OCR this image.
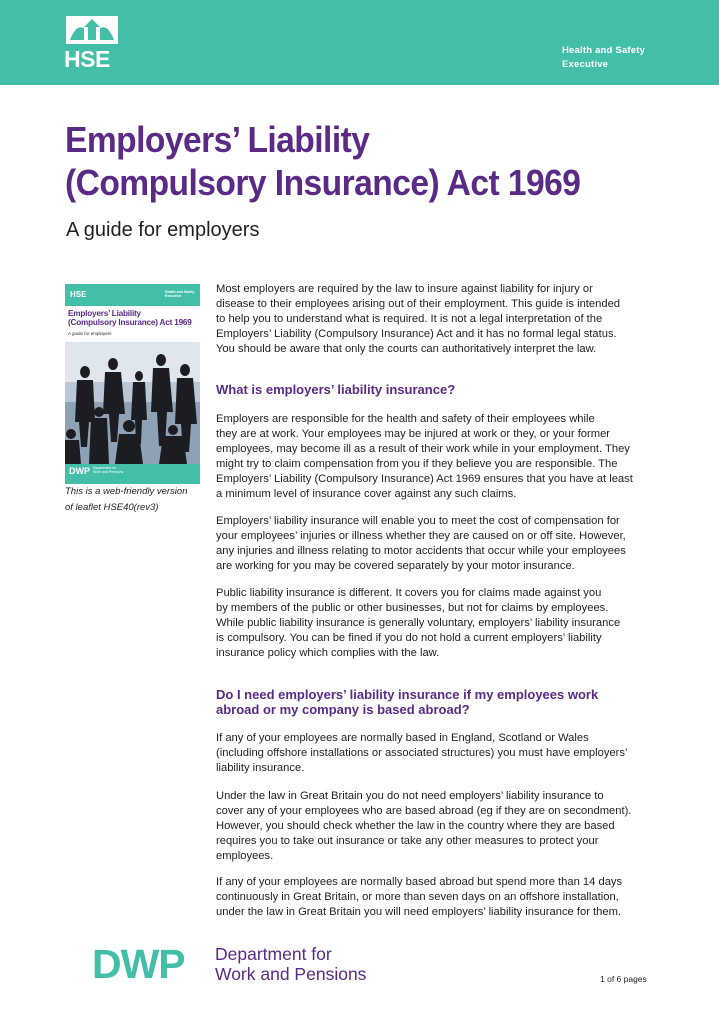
HSE	Health and Safety
Executive
Employers’ Liability
(Compulsory Insurance) Act 1969
A guide for employers
HSE	Health and Safety
Executive
Employers’ Liability
(Compulsory Insurance) Act 1969
A guide for employers
DWP Department for
Work and Pensions
This is a web-friendly version
of leaflet HSE40(rev3)
Most employers are required by the law to insure against liability for injury or
disease to their employees arising out of their employment. This guide is intended
to help you to understand what is required. It is not a legal interpretation of the
Employers’ Liability (Compulsory Insurance) Act and it has no formal legal status.
You should be aware that only the courts can authoritatively interpret the law.
What is employers’ liability insurance?
Employers are responsible for the health and safety of their employees while
they are at work. Your employees may be injured at work or they, or your former
employees, may become ill as a result of their work while in your employment. They
might try to claim compensation from you if they believe you are responsible. The
Employers’ Liability (Compulsory Insurance) Act 1969 ensures that you have at least
a minimum level of insurance cover against any such claims.
Employers’ liability insurance will enable you to meet the cost of compensation for
your employees’ injuries or illness whether they are caused on or off site. However,
any injuries and illness relating to motor accidents that occur while your employees
are working for you may be covered separately by your motor insurance.
Public liability insurance is different. It covers you for claims made against you
by members of the public or other businesses, but not for claims by employees.
While public liability insurance is generally voluntary, employers’ liability insurance
is compulsory. You can be fined if you do not hold a current employers’ liability
insurance policy which complies with the law.
Do I need employers’ liability insurance if my employees work
abroad or my company is based abroad?
If any of your employees are normally based in England, Scotland or Wales
(including offshore installations or associated structures) you must have employers’
liability insurance.
Under the law in Great Britain you do not need employers’ liability insurance to
cover any of your employees who are based abroad (eg if they are on secondment).
However, you should check whether the law in the country where they are based
requires you to take out insurance or take any other measures to protect your
employees.
If any of your employees are normally based abroad but spend more than 14 days
continuously in Great Britain, or more than seven days on an offshore installation,
under the law in Great Britain you will need employers’ liability insurance for them.
DWP Department for
Work and Pensions	1 of 6 pages
